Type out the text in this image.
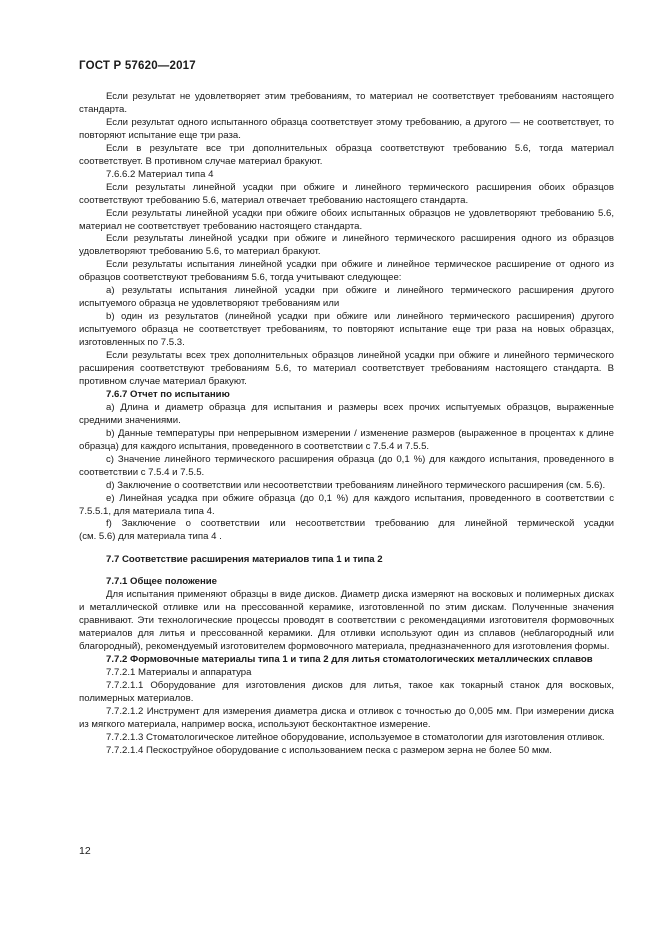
ГОСТ Р 57620—2017

Если результат не удовлетворяет этим требованиям, то материал не соответствует требованиям настоящего стандарта.

Если результат одного испытанного образца соответствует этому требованию, а другого — не соответствует, то повторяют испытание еще три раза.

Если в результате все три дополнительных образца соответствуют требованию 5.6, тогда материал соответствует. В противном случае материал бракуют.

7.6.6.2 Материал типа 4

Если результаты линейной усадки при обжиге и линейного термического расширения обоих образцов соответствуют требованию 5.6, материал отвечает требованию настоящего стандарта.

Если результаты линейной усадки при обжиге обоих испытанных образцов не удовлетворяют требованию 5.6, материал не соответствует требованию настоящего стандарта.

Если результаты линейной усадки при обжиге и линейного термического расширения одного из образцов удовлетворяют требованию 5.6, то материал бракуют.

Если результаты испытания линейной усадки при обжиге и линейное термическое расширение от одного из образцов соответствуют требованиям 5.6, тогда учитывают следующее:

a) результаты испытания линейной усадки при обжиге и линейного термического расширения другого испытуемого образца не удовлетворяют требованиям или

b) один из результатов (линейной усадки при обжиге или линейного термического расширения) другого испытуемого образца не соответствует требованиям, то повторяют испытание еще три раза на новых образцах, изготовленных по 7.5.3.

Если результаты всех трех дополнительных образцов линейной усадки при обжиге и линейного термического расширения соответствуют требованиям 5.6, то материал соответствует требованиям настоящего стандарта. В противном случае материал бракуют.

7.6.7 Отчет по испытанию

a) Длина и диаметр образца для испытания и размеры всех прочих испытуемых образцов, выраженные средними значениями.

b) Данные температуры при непрерывном измерении / изменение размеров (выраженное в процентах к длине образца) для каждого испытания, проведенного в соответствии с 7.5.4 и 7.5.5.

c) Значение линейного термического расширения образца (до 0,1 %) для каждого испытания, проведенного в соответствии с 7.5.4 и 7.5.5.

d) Заключение о соответствии или несоответствии требованиям линейного термического расширения (см. 5.6).

e) Линейная усадка при обжиге образца (до 0,1 %) для каждого испытания, проведенного в соответствии с 7.5.5.1, для материала типа 4.

f) Заключение о соответствии или несоответствии требованию для линейной термической усадки

(см. 5.6) для материала типа 4 .

7.7 Соответствие расширения материалов типа 1 и типа 2

7.7.1 Общее положение

Для испытания применяют образцы в виде дисков. Диаметр диска измеряют на восковых и полимерных дисках и металлической отливке или на прессованной керамике, изготовленной по этим дискам. Полученные значения сравнивают. Эти технологические процессы проводят в соответствии с рекомендациями изготовителя формовочных материалов для литья и прессованной керамики. Для отливки используют один из сплавов (неблагородный или благородный), рекомендуемый изготовителем формовочного материала, предназначенного для изготовления формы.

7.7.2 Формовочные материалы типа 1 и типа 2 для литья стоматологических металлических сплавов

7.7.2.1 Материалы и аппаратура

7.7.2.1.1 Оборудование для изготовления дисков для литья, такое как токарный станок для восковых, полимерных материалов.

7.7.2.1.2 Инструмент для измерения диаметра диска и отливок с точностью до 0,005 мм. При измерении диска из мягкого материала, например воска, используют бесконтактное измерение.

7.7.2.1.3 Стоматологическое литейное оборудование, используемое в стоматологии для изготовления отливок.

7.7.2.1.4 Пескоструйное оборудование с использованием песка с размером зерна не более 50 мкм.

12
